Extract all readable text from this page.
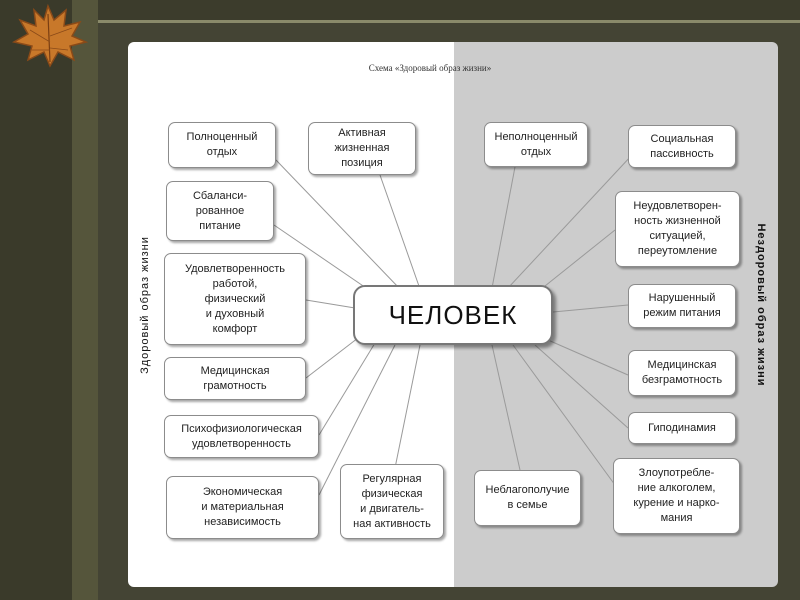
Схема «Здоровый образ жизни»
Здоровый образ жизни	Нездоровый образ жизни
Полноценный
отдых
Активная
жизненная
позиция
Сбаланси-
рованное
питание
Удовлетворенность
работой,
физический
и духовный
комфорт
Медицинская
грамотность
Психофизиологическая
удовлетворенность
Экономическая
и материальная
независимость
Регулярная
физическая
и двигатель-
ная активность
ЧЕЛОВЕК
Неполноценный
отдых
Социальная
пассивность
Неудовлетворен-
ность жизненной
ситуацией,
переутомление
Нарушенный
режим питания
Медицинская
безграмотность
Гиподинамия
Неблагополучие
в семье
Злоупотребле-
ние алкоголем,
курение и нарко-
мания
